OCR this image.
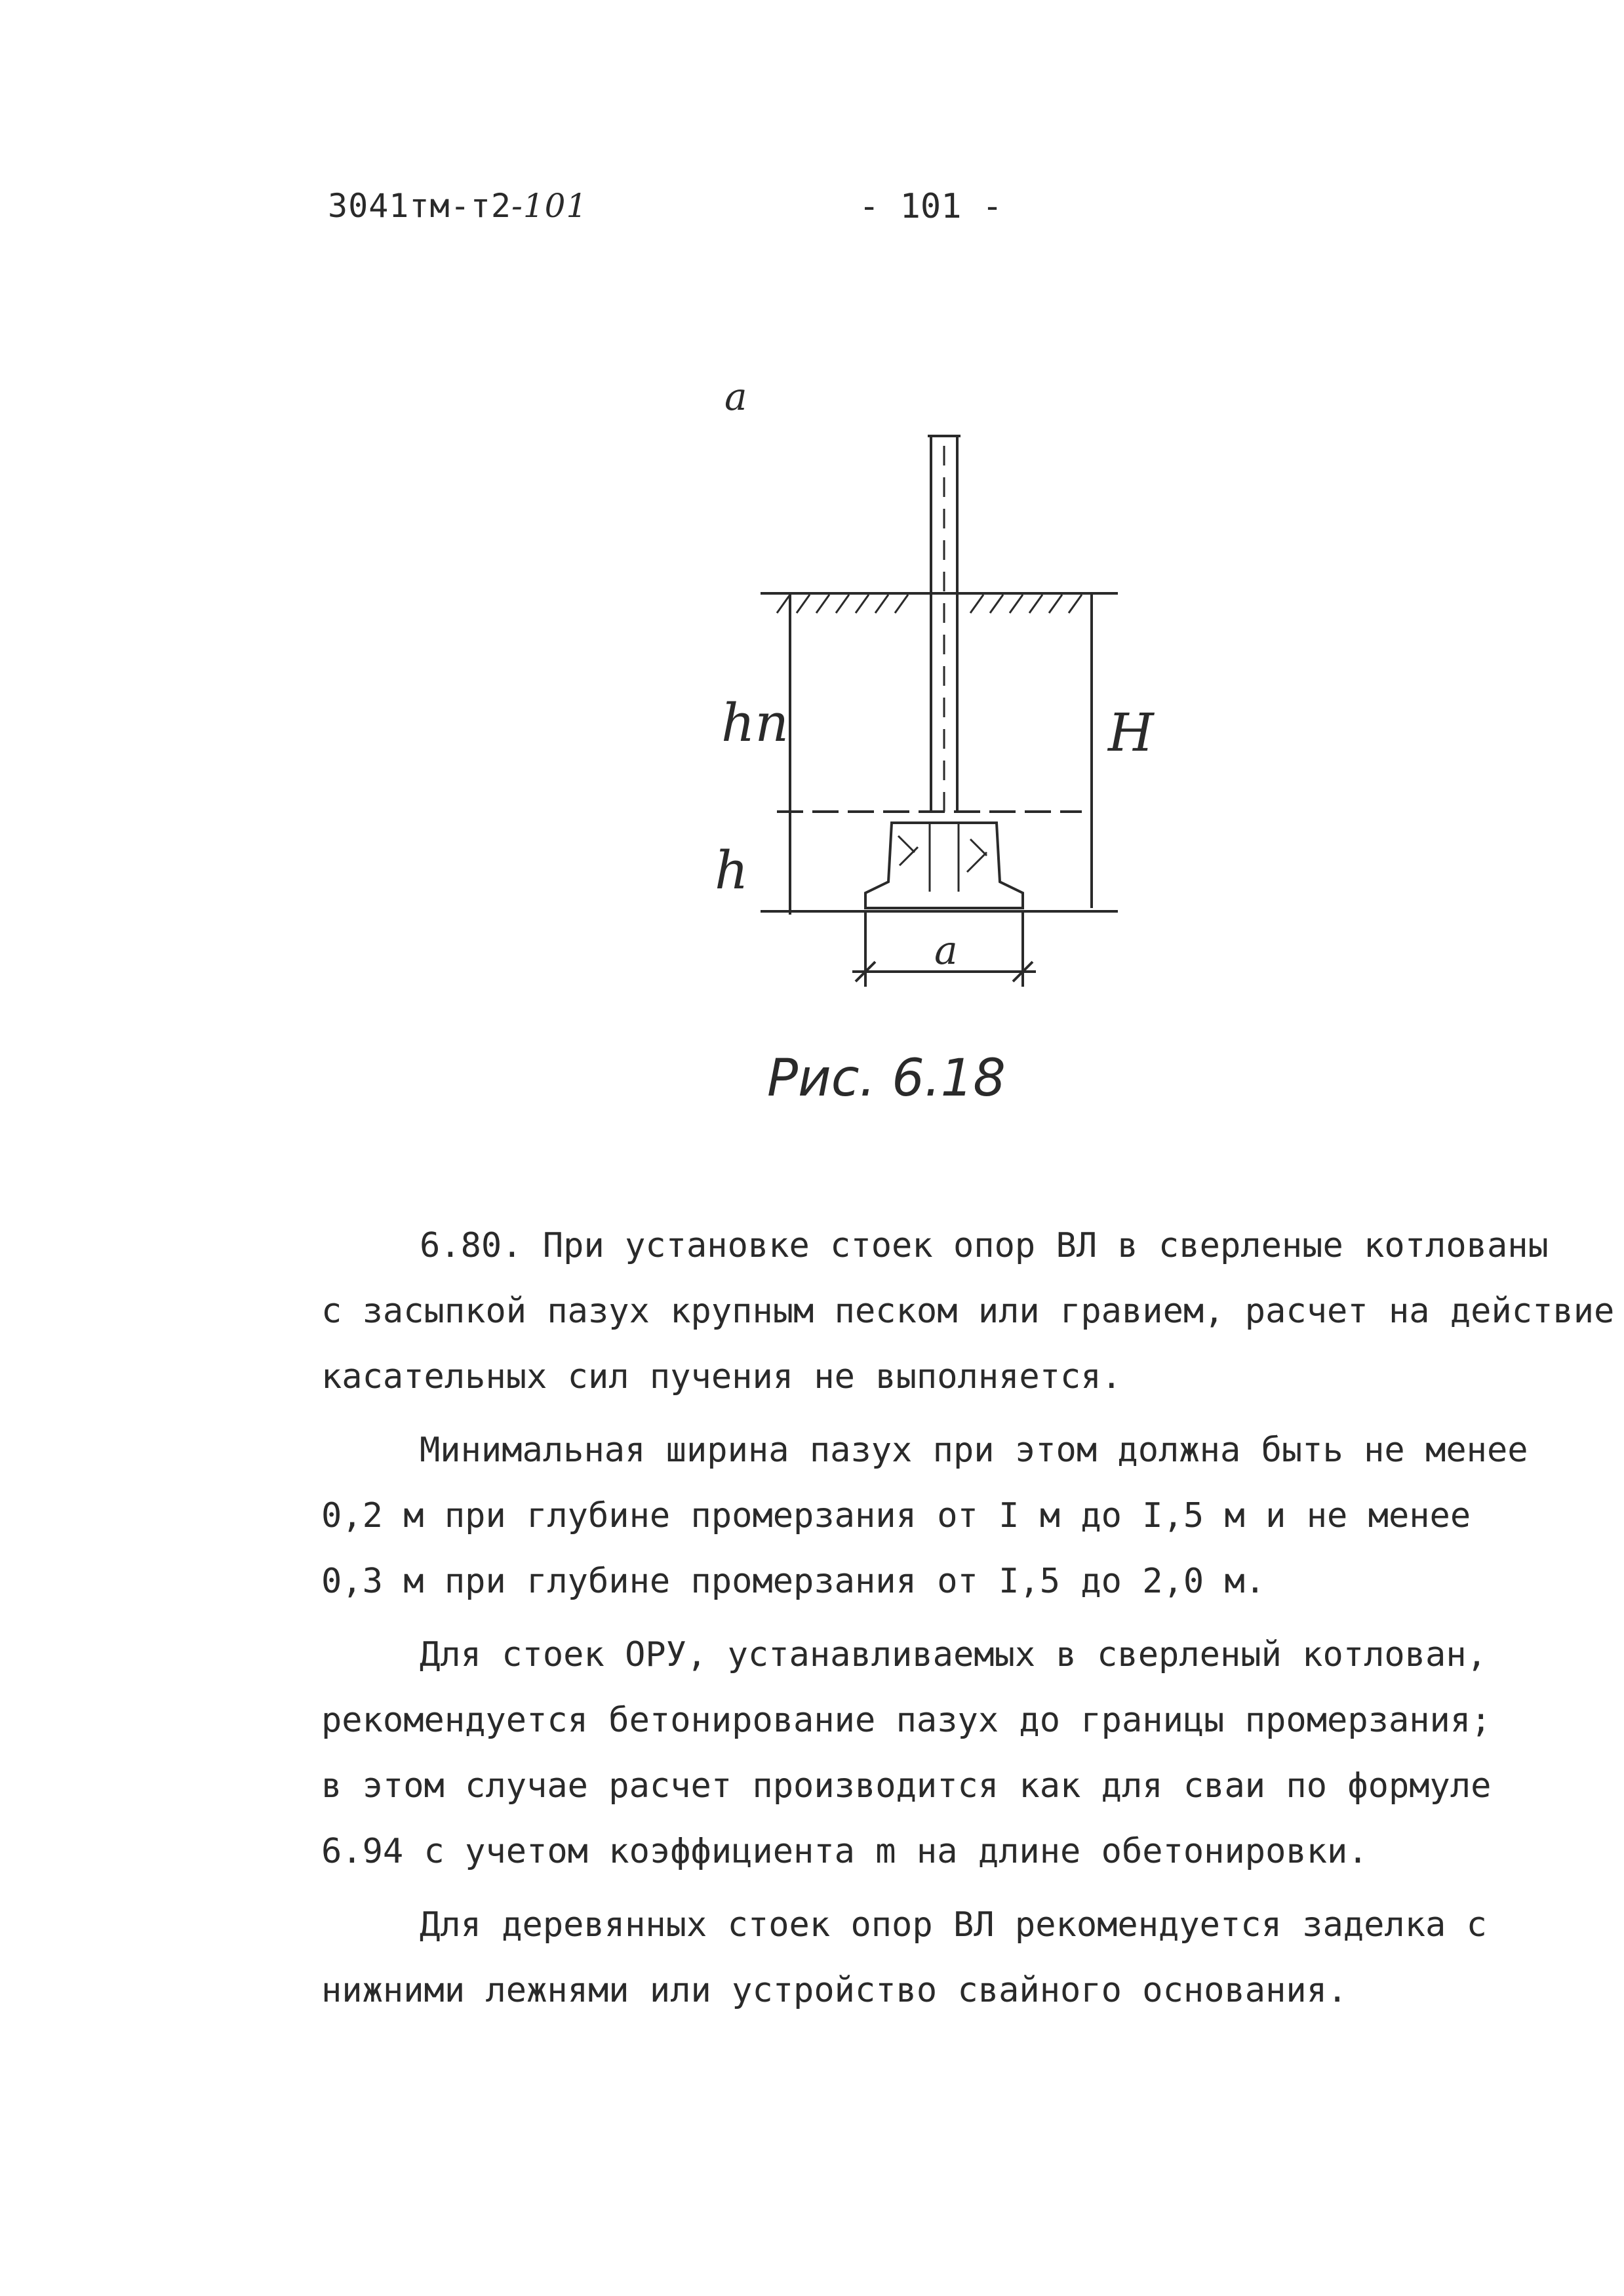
3041тм-т2-101	- 101 -
a
a
hп
h
H
Рис. 6.18
6.80. При установке стоек опор ВЛ в сверленые котлованы
с засыпкой пазух крупным песком или гравием, расчет на действие
касательных сил пучения не выполняется.
Минимальная ширина пазух при этом должна быть не менее
0,2 м при глубине промерзания от I м до I,5 м и не менее
0,3 м при глубине промерзания от I,5 до 2,0 м.
Для стоек ОРУ, устанавливаемых в сверленый котлован,
рекомендуется бетонирование пазух до границы промерзания;
в этом случае расчет производится как для сваи по формуле
6.94 с учетом коэффициента m на длине обетонировки.
Для деревянных стоек опор ВЛ рекомендуется заделка с
нижними лежнями или устройство свайного основания.
